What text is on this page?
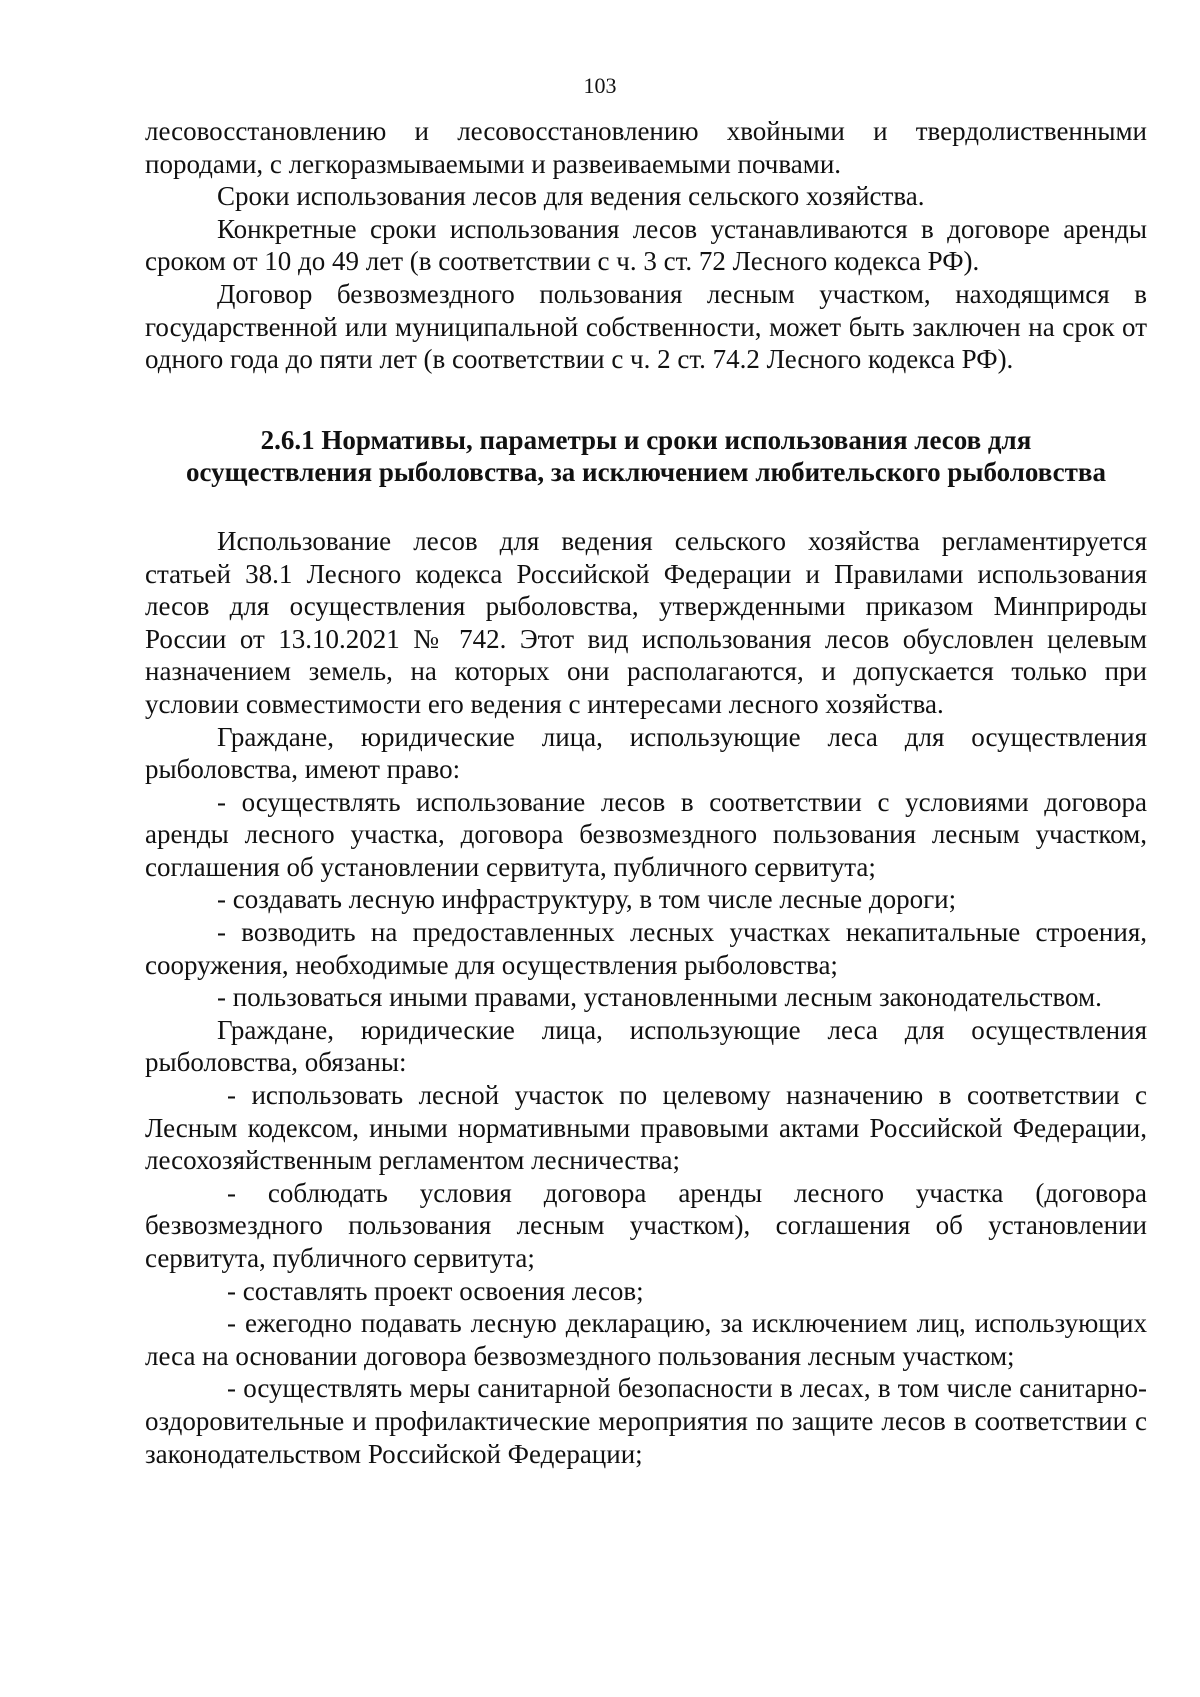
103

лесовосстановлению и лесовосстановлению хвойными и твердолиственными породами, с легкоразмываемыми и развеиваемыми почвами.

Сроки использования лесов для ведения сельского хозяйства.

Конкретные сроки использования лесов устанавливаются в договоре аренды сроком от 10 до 49 лет (в соответствии с ч. 3 ст. 72 Лесного кодекса РФ).

Договор безвозмездного пользования лесным участком, находящимся в государственной или муниципальной собственности, может быть заключен на срок от одного года до пяти лет (в соответствии с ч. 2 ст. 74.2 Лесного кодекса РФ).

2.6.1 Нормативы, параметры и сроки использования лесов для
осуществления рыболовства, за исключением любительского рыболовства

Использование лесов для ведения сельского хозяйства регламентируется статьей 38.1 Лесного кодекса Российской Федерации и Правилами использования лесов для осуществления рыболовства, утвержденными приказом Минприроды России от 13.10.2021 № 742. Этот вид использования лесов обусловлен целевым назначением земель, на которых они располагаются, и допускается только при условии совместимости его ведения с интересами лесного хозяйства.

Граждане, юридические лица, использующие леса для осуществления рыболовства, имеют право:

- осуществлять использование лесов в соответствии с условиями договора аренды лесного участка, договора безвозмездного пользования лесным участком, соглашения об установлении сервитута, публичного сервитута;

- создавать лесную инфраструктуру, в том числе лесные дороги;

- возводить на предоставленных лесных участках некапитальные строения, сооружения, необходимые для осуществления рыболовства;

- пользоваться иными правами, установленными лесным законодательством.

Граждане, юридические лица, использующие леса для осуществления рыболовства, обязаны:

- использовать лесной участок по целевому назначению в соответствии с Лесным кодексом, иными нормативными правовыми актами Российской Федерации, лесохозяйственным регламентом лесничества;

- соблюдать условия договора аренды лесного участка (договора безвозмездного пользования лесным участком), соглашения об установлении сервитута, публичного сервитута;

- составлять проект освоения лесов;

- ежегодно подавать лесную декларацию, за исключением лиц, использующих леса на основании договора безвозмездного пользования лесным участком;

- осуществлять меры санитарной безопасности в лесах, в том числе санитарно-оздоровительные и профилактические мероприятия по защите лесов в соответствии с законодательством Российской Федерации;
